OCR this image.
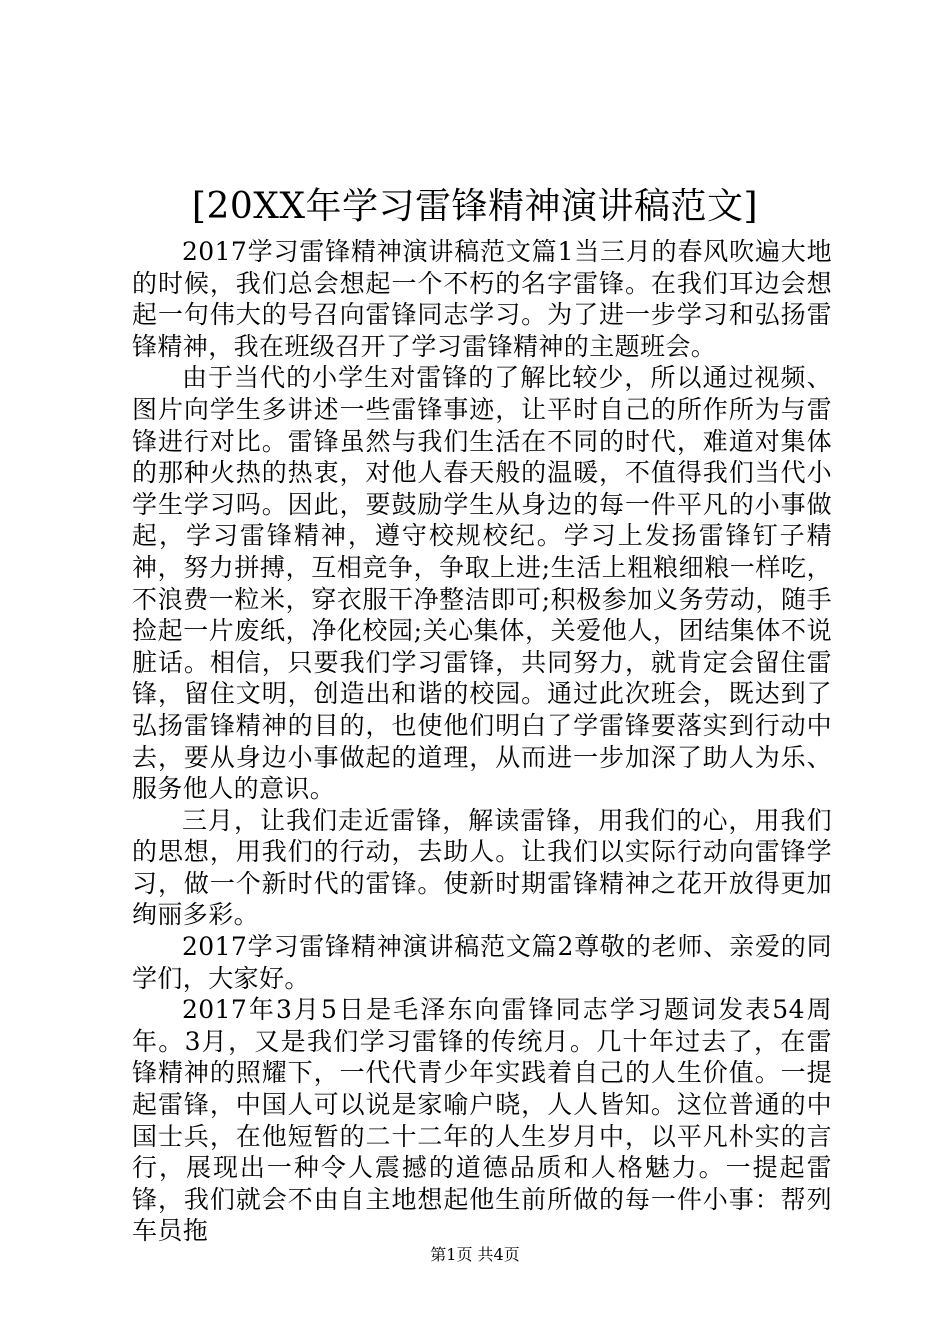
[20XX年学习雷锋精神演讲稿范文]

2017学习雷锋精神演讲稿范文篇1当三月的春风吹遍大地的时候，我们总会想起一个不朽的名字雷锋。在我们耳边会想起一句伟大的号召向雷锋同志学习。为了进一步学习和弘扬雷锋精神，我在班级召开了学习雷锋精神的主题班会。

由于当代的小学生对雷锋的了解比较少，所以通过视频、图片向学生多讲述一些雷锋事迹，让平时自己的所作所为与雷锋进行对比。雷锋虽然与我们生活在不同的时代，难道对集体的那种火热的热衷，对他人春天般的温暖，不值得我们当代小学生学习吗。因此，要鼓励学生从身边的每一件平凡的小事做起，学习雷锋精神，遵守校规校纪。学习上发扬雷锋钉子精神，努力拼搏，互相竞争，争取上进;生活上粗粮细粮一样吃，不浪费一粒米，穿衣服干净整洁即可;积极参加义务劳动，随手捡起一片废纸，净化校园;关心集体，关爱他人，团结集体不说脏话。相信，只要我们学习雷锋，共同努力，就肯定会留住雷锋，留住文明，创造出和谐的校园。通过此次班会，既达到了弘扬雷锋精神的目的，也使他们明白了学雷锋要落实到行动中去，要从身边小事做起的道理，从而进一步加深了助人为乐、服务他人的意识。

三月，让我们走近雷锋，解读雷锋，用我们的心，用我们的思想，用我们的行动，去助人。让我们以实际行动向雷锋学习，做一个新时代的雷锋。使新时期雷锋精神之花开放得更加绚丽多彩。

2017学习雷锋精神演讲稿范文篇2尊敬的老师、亲爱的同学们，大家好。

2017年3月5日是毛泽东向雷锋同志学习题词发表54周年。3月，又是我们学习雷锋的传统月。几十年过去了，在雷锋精神的照耀下，一代代青少年实践着自己的人生价值。一提起雷锋，中国人可以说是家喻户晓，人人皆知。这位普通的中国士兵，在他短暂的二十二年的人生岁月中，以平凡朴实的言行，展现出一种令人震撼的道德品质和人格魅力。一提起雷锋，我们就会不由自主地想起他生前所做的每一件小事：帮列车员拖

第1页 共4页
